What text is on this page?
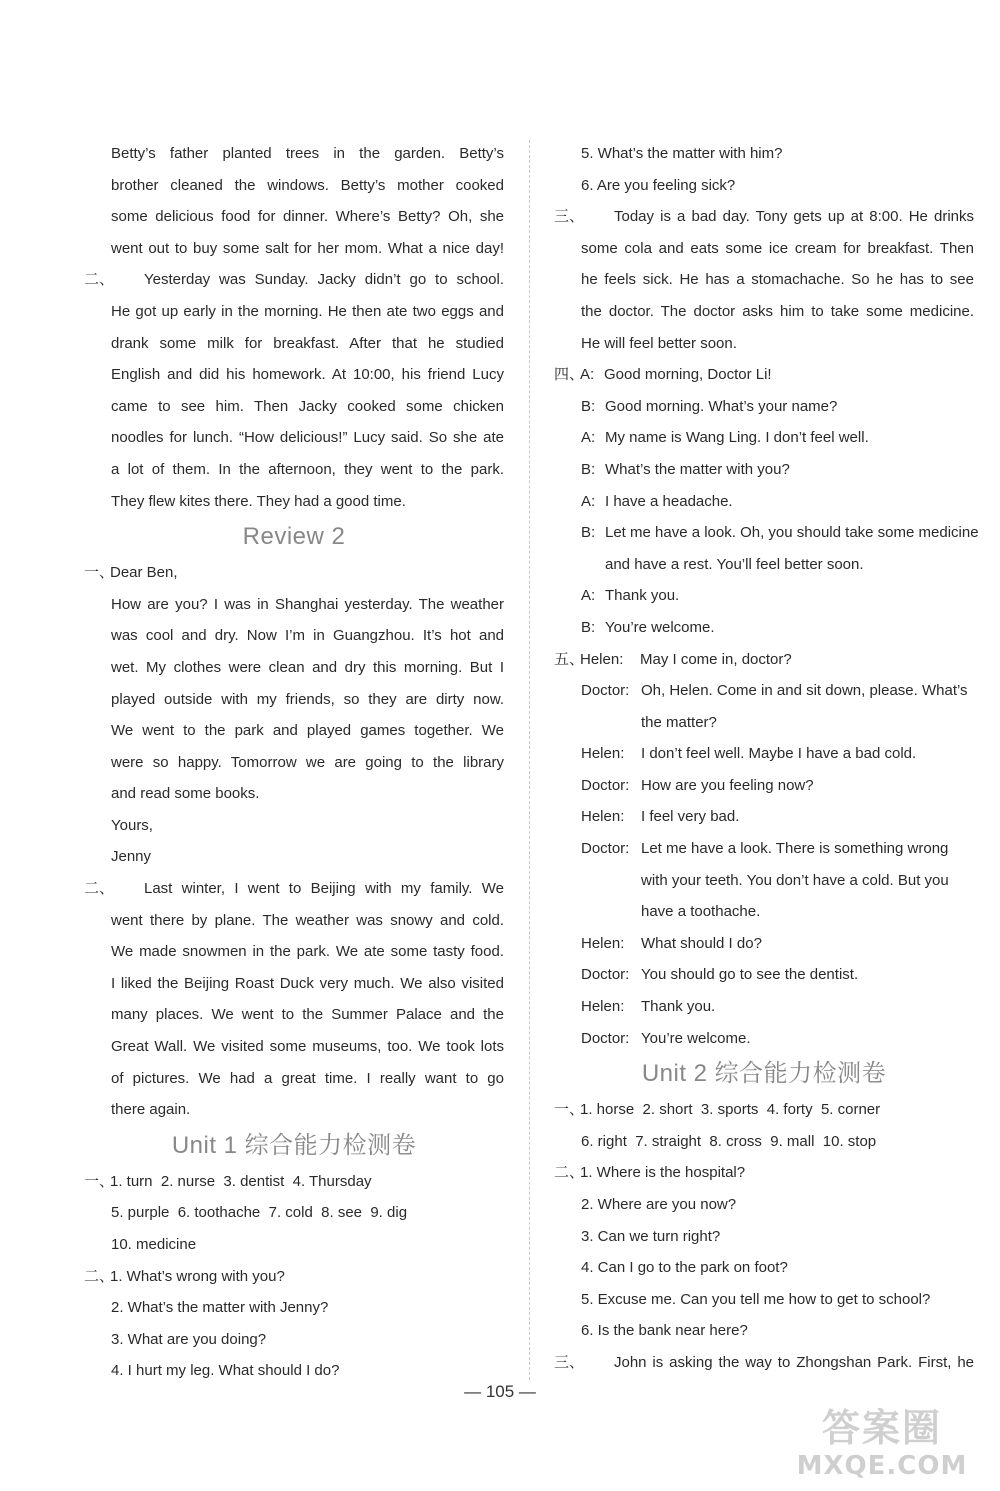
Betty’s father planted trees in the garden. Betty’s
brother cleaned the windows. Betty’s mother cooked
some delicious food for dinner. Where’s Betty? Oh, she
went out to buy some salt for her mom. What a nice day!
二、 Yesterday was Sunday. Jacky didn’t go to school.
He got up early in the morning. He then ate two eggs and
drank some milk for breakfast. After that he studied
English and did his homework. At 10:00, his friend Lucy
came to see him. Then Jacky cooked some chicken
noodles for lunch. “How delicious!” Lucy said. So she ate
a lot of them. In the afternoon, they went to the park.
They flew kites there. They had a good time.
Review 2
一、Dear Ben,
How are you? I was in Shanghai yesterday. The weather
was cool and dry. Now I’m in Guangzhou. It’s hot and
wet. My clothes were clean and dry this morning. But I
played outside with my friends, so they are dirty now.
We went to the park and played games together. We
were so happy. Tomorrow we are going to the library
and read some books.
Yours,
Jenny
二、 Last winter, I went to Beijing with my family. We
went there by plane. The weather was snowy and cold.
We made snowmen in the park. We ate some tasty food.
I liked the Beijing Roast Duck very much. We also visited
many places. We went to the Summer Palace and the
Great Wall. We visited some museums, too. We took lots
of pictures. We had a great time. I really want to go
there again.
Unit 1 综合能力检测卷
一、1. turn  2. nurse  3. dentist  4. Thursday
5. purple  6. toothache  7. cold  8. see  9. dig
10. medicine
二、1. What’s wrong with you?
2. What’s the matter with Jenny?
3. What are you doing?
4. I hurt my leg. What should I do?
5. What’s the matter with him?
6. Are you feeling sick?
三、 Today is a bad day. Tony gets up at 8:00. He drinks
some cola and eats some ice cream for breakfast. Then
he feels sick. He has a stomachache. So he has to see
the doctor. The doctor asks him to take some medicine.
He will feel better soon.
四、A: Good morning, Doctor Li!
B: Good morning. What’s your name?
A: My name is Wang Ling. I don’t feel well.
B: What’s the matter with you?
A: I have a headache.
B: Let me have a look. Oh, you should take some medicine
and have a rest. You’ll feel better soon.
A: Thank you.
B: You’re welcome.
五、Helen: May I come in, doctor?
Doctor: Oh, Helen. Come in and sit down, please. What’s
the matter?
Helen: I don’t feel well. Maybe I have a bad cold.
Doctor: How are you feeling now?
Helen: I feel very bad.
Doctor: Let me have a look. There is something wrong
with your teeth. You don’t have a cold. But you
have a toothache.
Helen: What should I do?
Doctor: You should go to see the dentist.
Helen: Thank you.
Doctor: You’re welcome.
Unit 2 综合能力检测卷
一、1. horse  2. short  3. sports  4. forty  5. corner
6. right  7. straight  8. cross  9. mall  10. stop
二、1. Where is the hospital?
2. Where are you now?
3. Can we turn right?
4. Can I go to the park on foot?
5. Excuse me. Can you tell me how to get to school?
6. Is the bank near here?
三、 John is asking the way to Zhongshan Park. First, he
— 105 —
答案圈
MXQE.COM
